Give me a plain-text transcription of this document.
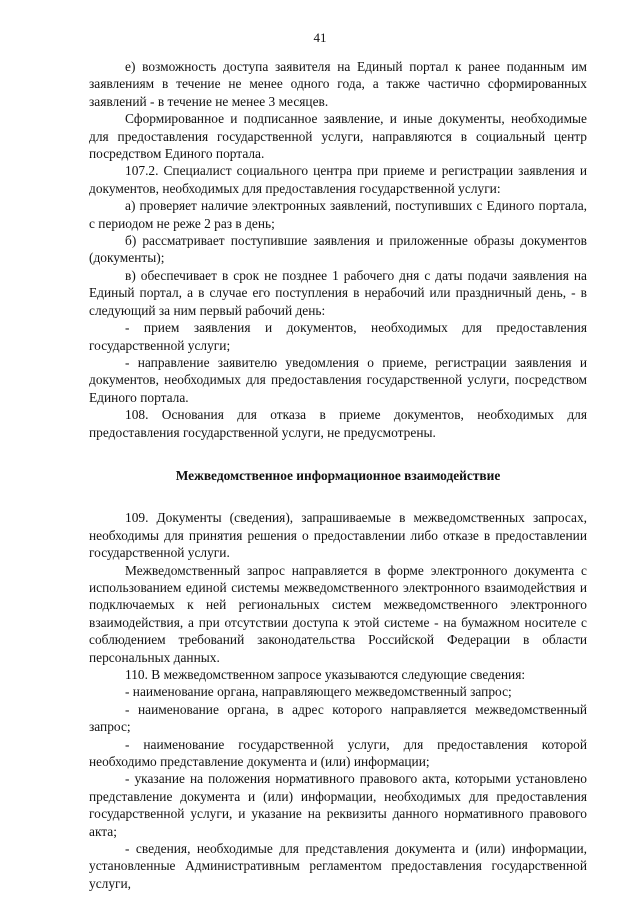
41

е) возможность доступа заявителя на Единый портал к ранее поданным им заявлениям в течение не менее одного года, а также частично сформированных заявлений - в течение не менее 3 месяцев.

Сформированное и подписанное заявление, и иные документы, необходимые для предоставления государственной услуги, направляются в социальный центр посредством Единого портала.

107.2. Специалист социального центра при приеме и регистрации заявления и документов, необходимых для предоставления государственной услуги:

а) проверяет наличие электронных заявлений, поступивших с Единого портала, с периодом не реже 2 раз в день;

б) рассматривает поступившие заявления и приложенные образы документов (документы);

в) обеспечивает в срок не позднее 1 рабочего дня с даты подачи заявления на Единый портал, а в случае его поступления в нерабочий или праздничный день, - в следующий за ним первый рабочий день:

- прием заявления и документов, необходимых для предоставления государственной услуги;

- направление заявителю уведомления о приеме, регистрации заявления и документов, необходимых для предоставления государственной услуги, посредством Единого портала.

108. Основания для отказа в приеме документов, необходимых для предоставления государственной услуги, не предусмотрены.

Межведомственное информационное взаимодействие

109. Документы (сведения), запрашиваемые в межведомственных запросах, необходимы для принятия решения о предоставлении либо отказе в предоставлении государственной услуги.

Межведомственный запрос направляется в форме электронного документа с использованием единой системы межведомственного электронного взаимодействия и подключаемых к ней региональных систем межведомственного электронного взаимодействия, а при отсутствии доступа к этой системе - на бумажном носителе с соблюдением требований законодательства Российской Федерации в области персональных данных.

110. В межведомственном запросе указываются следующие сведения:

- наименование органа, направляющего межведомственный запрос;

- наименование органа, в адрес которого направляется межведомственный запрос;

- наименование государственной услуги, для предоставления которой необходимо представление документа и (или) информации;

- указание на положения нормативного правового акта, которыми установлено представление документа и (или) информации, необходимых для предоставления государственной услуги, и указание на реквизиты данного нормативного правового акта;

- сведения, необходимые для представления документа и (или) информации, установленные Административным регламентом предоставления государственной услуги,
